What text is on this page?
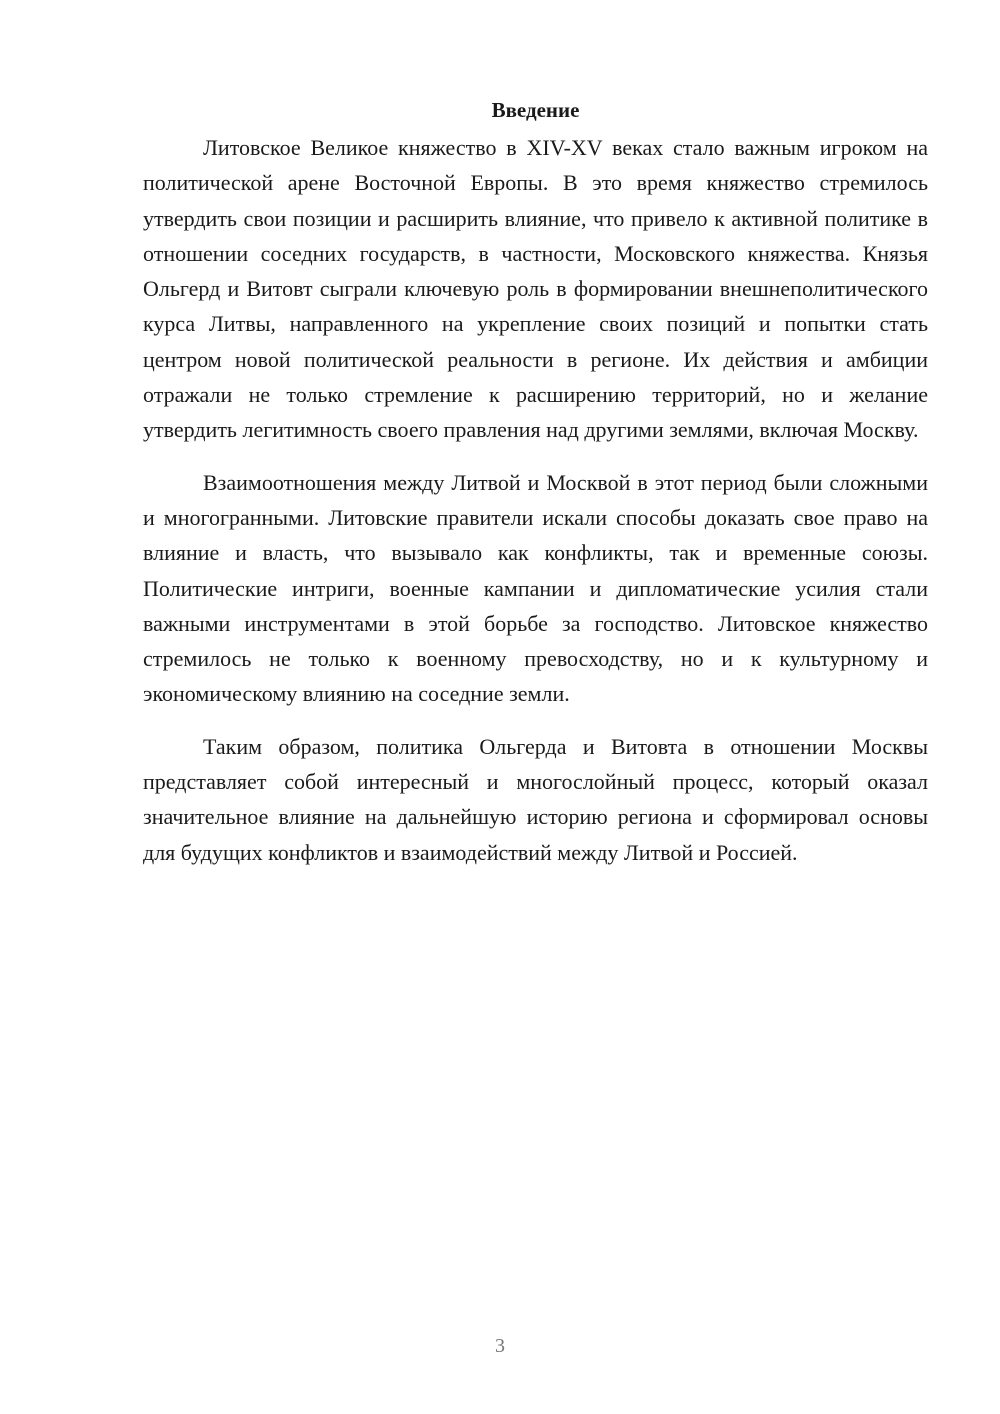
Введение

Литовское Великое княжество в XIV-XV веках стало важным игроком на политической арене Восточной Европы. В это время княжество стремилось утвердить свои позиции и расширить влияние, что привело к активной политике в отношении соседних государств, в частности, Московского княжества. Князья Ольгерд и Витовт сыграли ключевую роль в формировании внешнеполитического курса Литвы, направленного на укрепление своих позиций и попытки стать центром новой политической реальности в регионе. Их действия и амбиции отражали не только стремление к расширению территорий, но и желание утвердить легитимность своего правления над другими землями, включая Москву.

Взаимоотношения между Литвой и Москвой в этот период были сложными и многогранными. Литовские правители искали способы доказать свое право на влияние и власть, что вызывало как конфликты, так и временные союзы. Политические интриги, военные кампании и дипломатические усилия стали важными инструментами в этой борьбе за господство. Литовское княжество стремилось не только к военному превосходству, но и к культурному и экономическому влиянию на соседние земли.

Таким образом, политика Ольгерда и Витовта в отношении Москвы представляет собой интересный и многослойный процесс, который оказал значительное влияние на дальнейшую историю региона и сформировал основы для будущих конфликтов и взаимодействий между Литвой и Россией.

3
